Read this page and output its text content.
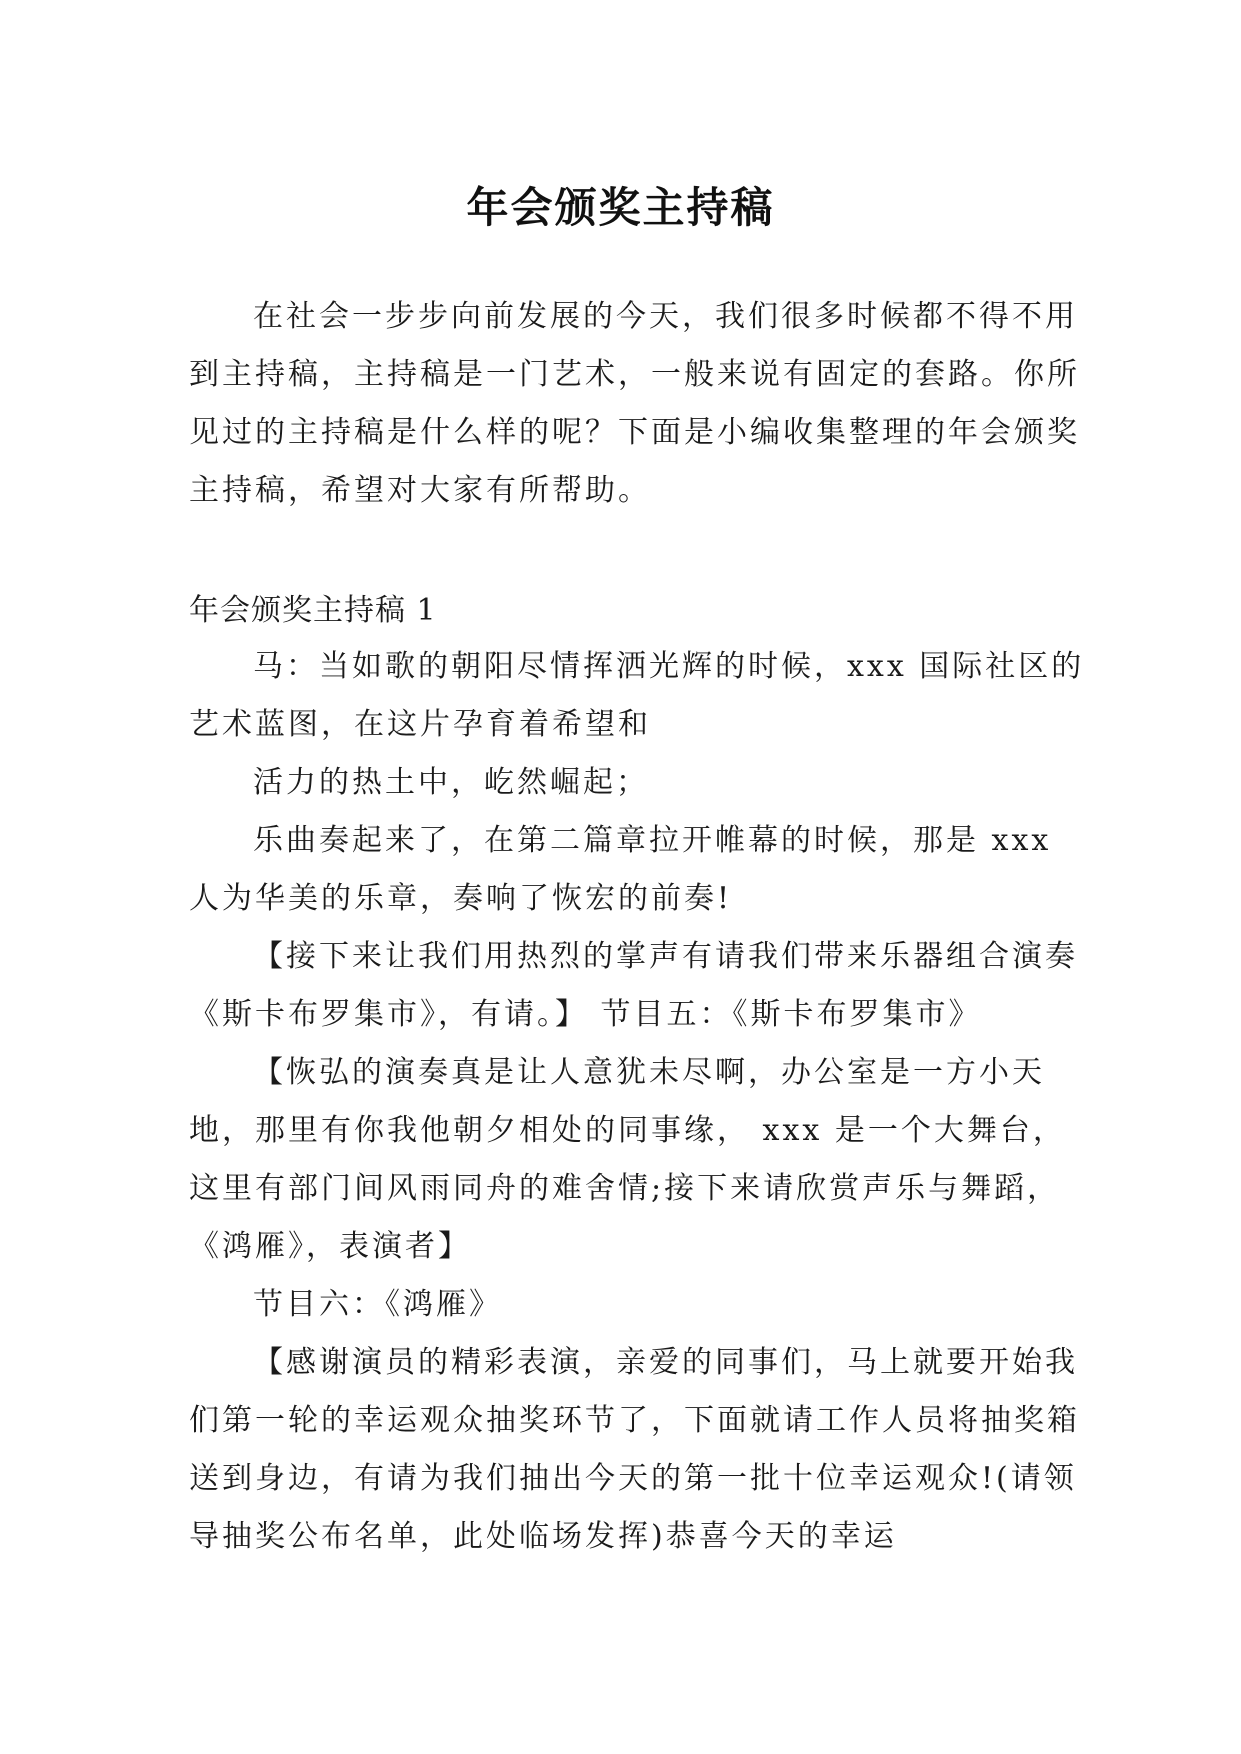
年会颁奖主持稿

在社会一步步向前发展的今天，我们很多时候都不得不用到主持稿，主持稿是一门艺术，一般来说有固定的套路。你所见过的主持稿是什么样的呢？下面是小编收集整理的年会颁奖主持稿，希望对大家有所帮助。

年会颁奖主持稿 1

马：当如歌的朝阳尽情挥洒光辉的时候，xxx 国际社区的艺术蓝图，在这片孕育着希望和

活力的热土中，屹然崛起；

乐曲奏起来了，在第二篇章拉开帷幕的时候，那是 xxx 人为华美的乐章，奏响了恢宏的前奏!

【接下来让我们用热烈的掌声有请我们带来乐器组合演奏《斯卡布罗集市》，有请。】 节目五：《斯卡布罗集市》

【恢弘的演奏真是让人意犹未尽啊，办公室是一方小天地，那里有你我他朝夕相处的同事缘， xxx 是一个大舞台，这里有部门间风雨同舟的难舍情;接下来请欣赏声乐与舞蹈，《鸿雁》，表演者】

节目六：《鸿雁》

【感谢演员的精彩表演，亲爱的同事们，马上就要开始我们第一轮的幸运观众抽奖环节了，下面就请工作人员将抽奖箱送到身边，有请为我们抽出今天的第一批十位幸运观众!(请领导抽奖公布名单，此处临场发挥)恭喜今天的幸运
